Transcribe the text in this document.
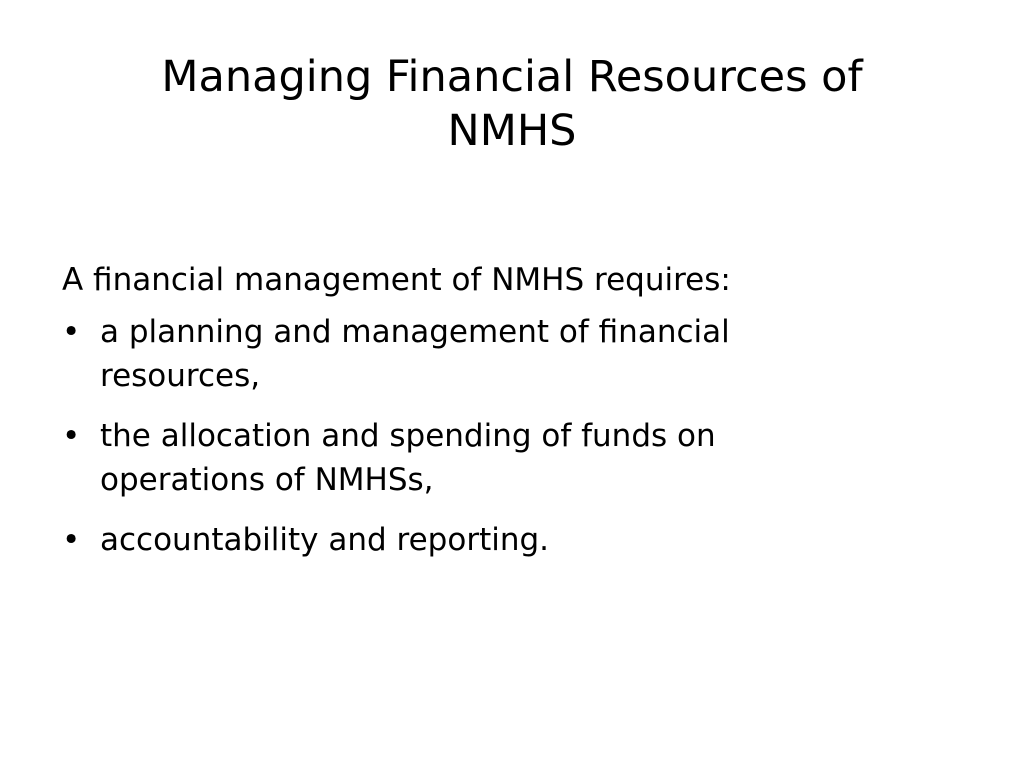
Managing Financial Resources of
NMHS

A financial management of NMHS requires:

• a planning and management of financial
resources,
• the allocation and spending of funds on
operations of NMHSs,
• accountability and reporting.
